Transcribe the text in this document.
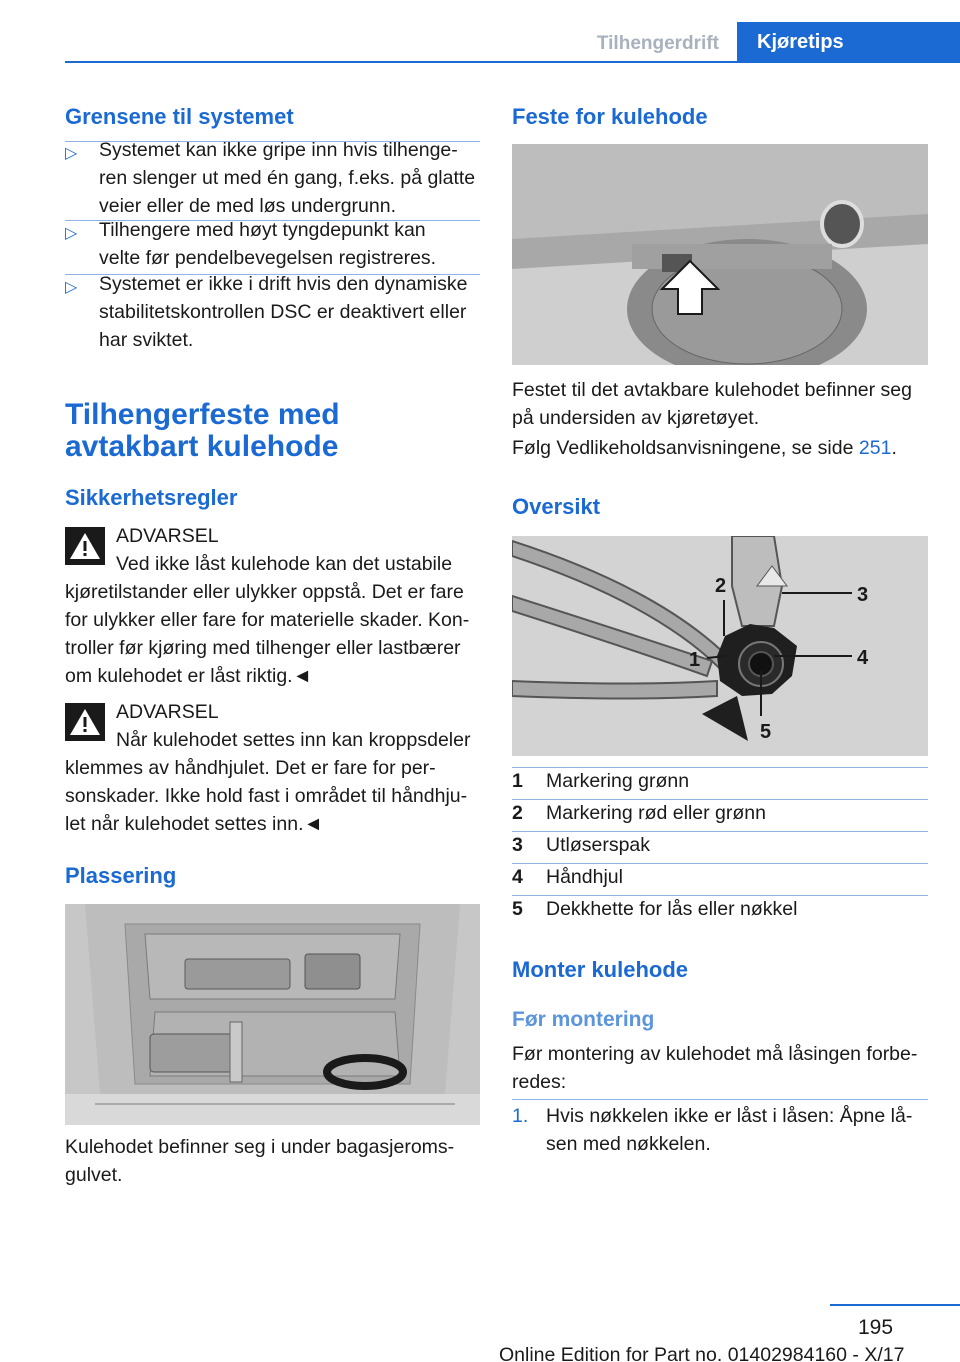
Tilhengerdrift	Kjøretips
Grensene til systemet
▷ Systemet kan ikke gripe inn hvis tilhenge-
ren slenger ut med én gang, f.eks. på glatte
veier eller de med løs undergrunn.
▷ Tilhengere med høyt tyngdepunkt kan
velte før pendelbevegelsen registreres.
▷ Systemet er ikke i drift hvis den dynamiske
stabilitetskontrollen DSC er deaktivert eller
har sviktet.
Tilhengerfeste med
avtakbart kulehode
Sikkerhetsregler
ADVARSEL
Ved ikke låst kulehode kan det ustabile
kjøretilstander eller ulykker oppstå. Det er fare
for ulykker eller fare for materielle skader. Kon-
troller før kjøring med tilhenger eller lastbærer
om kulehodet er låst riktig.◄
ADVARSEL
Når kulehodet settes inn kan kroppsdeler
klemmes av håndhjulet. Det er fare for per-
sonskader. Ikke hold fast i området til håndhju-
let når kulehodet settes inn.◄
Plassering
Kulehodet befinner seg i under bagasjeroms-
gulvet.
Feste for kulehode
Festet til det avtakbare kulehodet befinner seg
på undersiden av kjøretøyet.
Følg Vedlikeholdsanvisningene, se side 251.
Oversikt
2	3
1	4
5
1 Markering grønn
2 Markering rød eller grønn
3 Utløserspak
4 Håndhjul
5 Dekkhette for lås eller nøkkel
Monter kulehode
Før montering
Før montering av kulehodet må låsingen forbe-
redes:
1. Hvis nøkkelen ikke er låst i låsen: Åpne lå-
sen med nøkkelen.
195
Online Edition for Part no. 01402984160 - X/17
